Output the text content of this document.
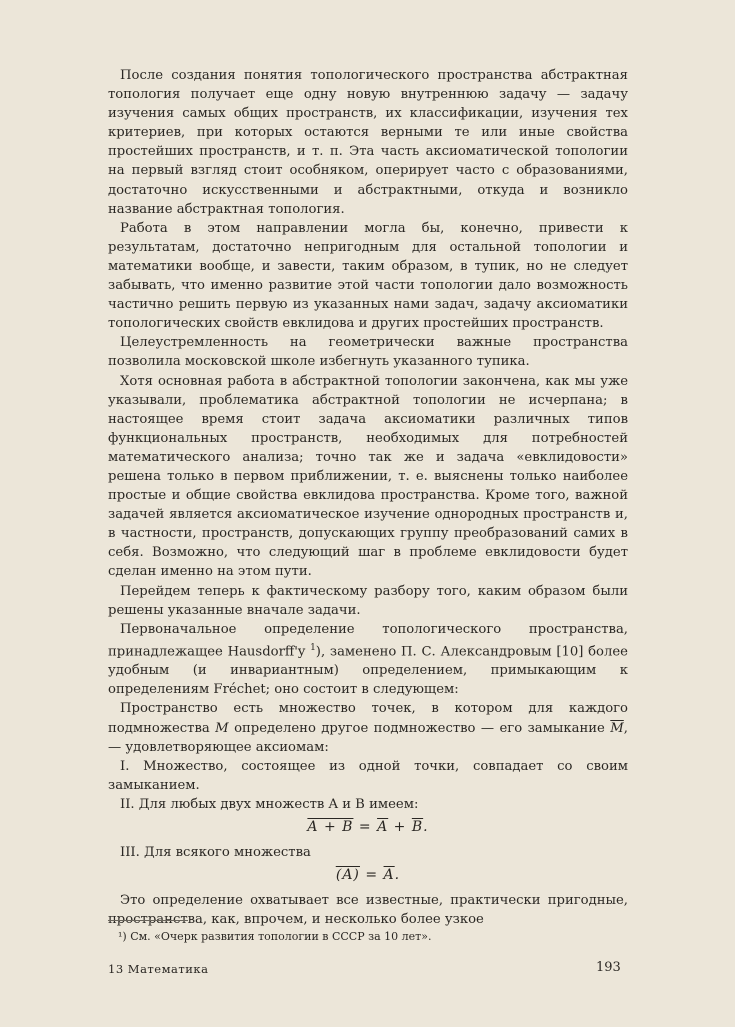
После создания понятия топологического пространства абстрактная топология получает еще одну новую внутреннюю задачу — задачу изучения самых общих пространств, их классификации, изучения тех критериев, при которых остаются верными те или иные свойства простейших пространств, и т. п. Эта часть аксиоматической топологии на первый взгляд стоит особняком, оперирует часто с образованиями, достаточно искусственными и абстрактными, откуда и возникло название абстрактная топология.

Работа в этом направлении могла бы, конечно, привести к результатам, достаточно непригодным для остальной топологии и математики вообще, и завести, таким образом, в тупик, но не следует забывать, что именно развитие этой части топологии дало возможность частично решить первую из указанных нами задач, задачу аксиоматики топологических свойств евклидова и других простейших пространств.

Целеустремленность на геометрически важные пространства позволила московской школе избегнуть указанного тупика.

Хотя основная работа в абстрактной топологии закончена, как мы уже указывали, проблематика абстрактной топологии не исчерпана; в настоящее время стоит задача аксиоматики различных типов функциональных пространств, необходимых для потребностей математического анализа; точно так же и задача «евклидовости» решена только в первом приближении, т. е. выяснены только наиболее простые и общие свойства евклидова пространства. Кроме того, важной задачей является аксиоматическое изучение однородных пространств и, в частности, пространств, допускающих группу преобразований самих в себя. Возможно, что следующий шаг в проблеме евклидовости будет сделан именно на этом пути.

Перейдем теперь к фактическому разбору того, каким образом были решены указанные вначале задачи.

Первоначальное определение топологического пространства, принадлежащее Hausdorff'y $^1$), заменено П. С. Александровым [10] более удобным (и инвариантным) определением, примыкающим к определениям Fréchet; оно состоит в следующем:

Пространство есть множество точек, в котором для каждого подмножества M определено другое подмножество — его замыкание $\overline{M}$, — удовлетворяющее аксиомам:

I. Множество, состоящее из одной точки, совпадает со своим замыканием.

II. Для любых двух множеств A и B имеем:

$A + B = \overline{A} + \overline{B}$.

III. Для всякого множества

$(A) = \overline{A}$.

Это определение охватывает все известные, практически пригодные, пространства, как, впрочем, и несколько более узкое

¹) См. «Очерк развития топологии в СССР за 10 лет».
13 Математика	193
